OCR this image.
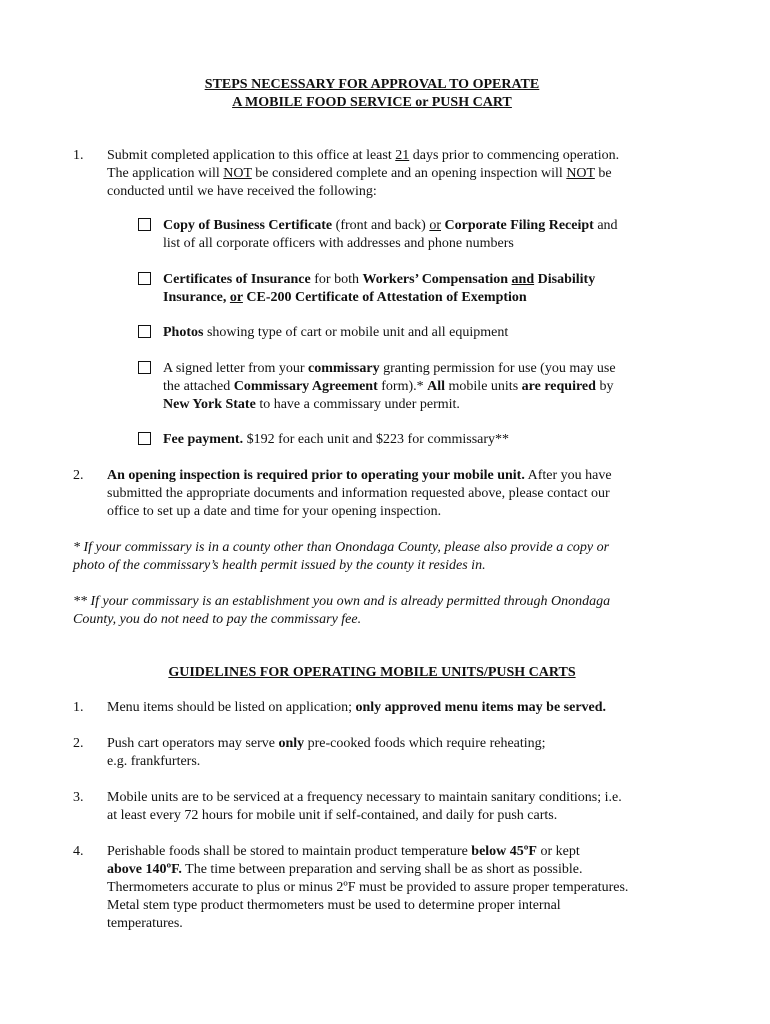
STEPS NECESSARY FOR APPROVAL TO OPERATE
A MOBILE FOOD SERVICE or PUSH CART
1. Submit completed application to this office at least 21 days prior to commencing operation.
The application will NOT be considered complete and an opening inspection will NOT be
conducted until we have received the following:
Copy of Business Certificate (front and back) or Corporate Filing Receipt and
list of all corporate officers with addresses and phone numbers
Certificates of Insurance for both Workers’ Compensation and Disability
Insurance, or CE-200 Certificate of Attestation of Exemption
Photos showing type of cart or mobile unit and all equipment
A signed letter from your commissary granting permission for use (you may use
the attached Commissary Agreement form).* All mobile units are required by
New York State to have a commissary under permit.
Fee payment. $192 for each unit and $223 for commissary**
2. An opening inspection is required prior to operating your mobile unit. After you have
submitted the appropriate documents and information requested above, please contact our
office to set up a date and time for your opening inspection.
* If your commissary is in a county other than Onondaga County, please also provide a copy or
photo of the commissary’s health permit issued by the county it resides in.
** If your commissary is an establishment you own and is already permitted through Onondaga
County, you do not need to pay the commissary fee.
GUIDELINES FOR OPERATING MOBILE UNITS/PUSH CARTS
1. Menu items should be listed on application; only approved menu items may be served.
2. Push cart operators may serve only pre-cooked foods which require reheating;
e.g. frankfurters.
3. Mobile units are to be serviced at a frequency necessary to maintain sanitary conditions; i.e.
at least every 72 hours for mobile unit if self-contained, and daily for push carts.
4. Perishable foods shall be stored to maintain product temperature below 45ºF or kept
above 140ºF. The time between preparation and serving shall be as short as possible.
Thermometers accurate to plus or minus 2ºF must be provided to assure proper temperatures.
Metal stem type product thermometers must be used to determine proper internal
temperatures.
